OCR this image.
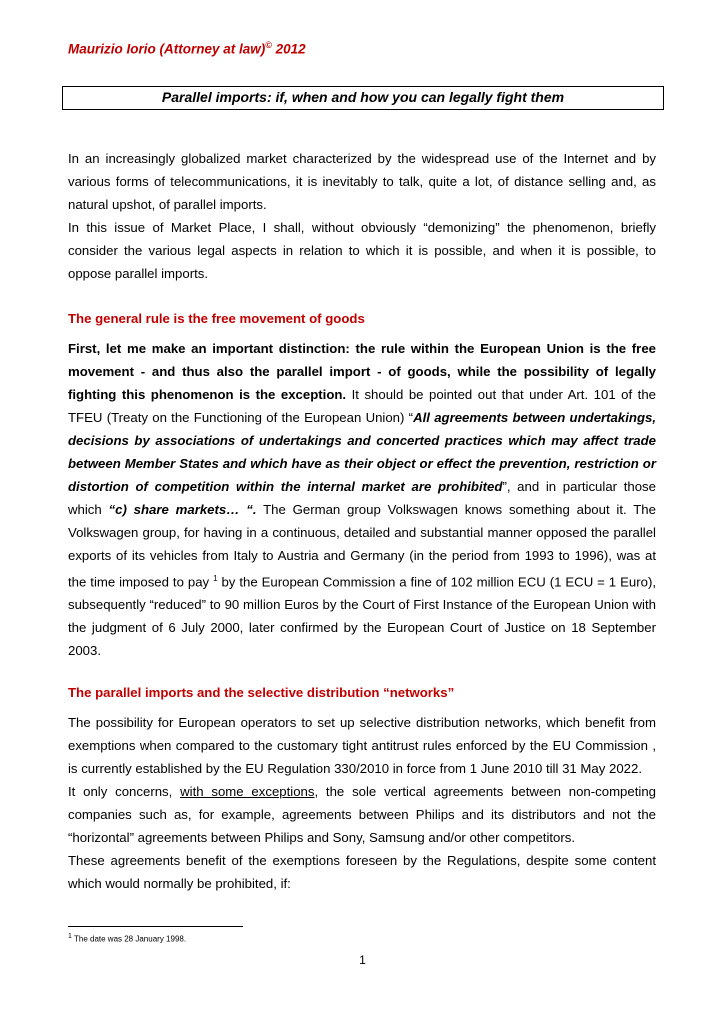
Maurizio Iorio (Attorney at law)© 2012
Parallel imports: if, when and how you can legally fight them

In an increasingly globalized market characterized by the widespread use of the Internet and by various forms of telecommunications, it is inevitably to talk, quite a lot, of distance selling and, as natural upshot, of parallel imports.

In this issue of Market Place, I shall, without obviously “demonizing” the phenomenon, briefly consider the various legal aspects in relation to which it is possible, and when it is possible, to oppose parallel imports.

The general rule is the free movement of goods

First, let me make an important distinction: the rule within the European Union is the free movement - and thus also the parallel import - of goods, while the possibility of legally fighting this phenomenon is the exception. It should be pointed out that under Art. 101 of the TFEU (Treaty on the Functioning of the European Union) “All agreements between undertakings, decisions by associations of undertakings and concerted practices which may affect trade between Member States and which have as their object or effect the prevention, restriction or distortion of competition within the internal market are prohibited”, and in particular those which “c) share markets… “. The German group Volkswagen knows something about it. The Volkswagen group, for having in a continuous, detailed and substantial manner opposed the parallel exports of its vehicles from Italy to Austria and Germany (in the period from 1993 to 1996), was at the time imposed to pay $^1$ by the European Commission a fine of 102 million ECU (1 ECU = 1 Euro), subsequently “reduced” to 90 million Euros by the Court of First Instance of the European Union with the judgment of 6 July 2000, later confirmed by the European Court of Justice on 18 September 2003.

The parallel imports and the selective distribution “networks”

The possibility for European operators to set up selective distribution networks, which benefit from exemptions when compared to the customary tight antitrust rules enforced by the EU Commission , is currently established by the EU Regulation 330/2010 in force from 1 June 2010 till 31 May 2022.

It only concerns, with some exceptions, the sole vertical agreements between non-competing companies such as, for example, agreements between Philips and its distributors and not the “horizontal” agreements between Philips and Sony, Samsung and/or other competitors.

These agreements benefit of the exemptions foreseen by the Regulations, despite some content which would normally be prohibited, if:

$^1$ The date was 28 January 1998.
1
